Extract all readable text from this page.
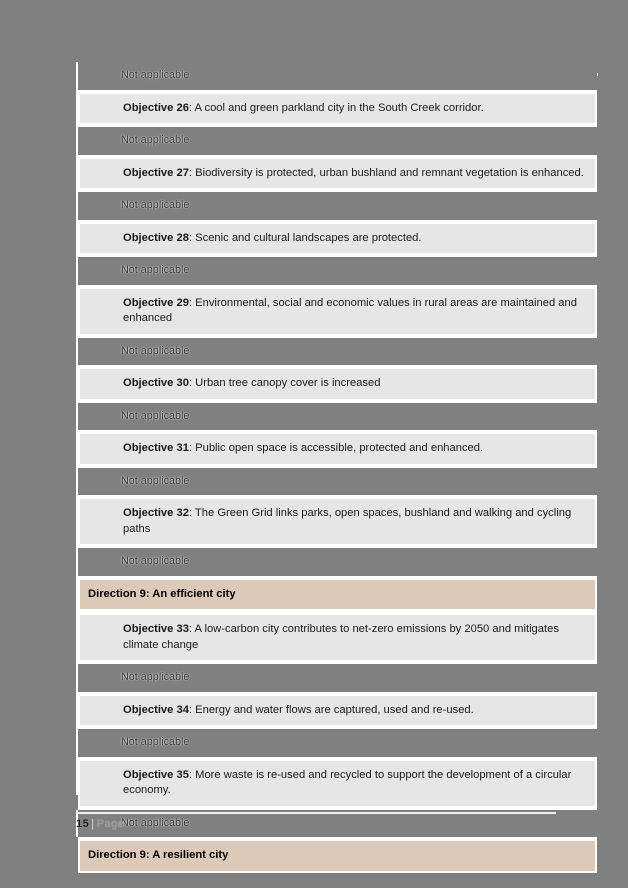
Not applicable

Objective 26: A cool and green parkland city in the South Creek corridor.

Not applicable

Objective 27: Biodiversity is protected, urban bushland and remnant vegetation is enhanced.

Not applicable

Objective 28: Scenic and cultural landscapes are protected.

Not applicable

Objective 29: Environmental, social and economic values in rural areas are maintained and enhanced

Not applicable

Objective 30: Urban tree canopy cover is increased

Not applicable

Objective 31: Public open space is accessible, protected and enhanced.

Not applicable

Objective 32: The Green Grid links parks, open spaces, bushland and walking and cycling paths

Not applicable

Direction 9: An efficient city

Objective 33: A low-carbon city contributes to net-zero emissions by 2050 and mitigates climate change

Not applicable

Objective 34: Energy and water flows are captured, used and re-used.

Not applicable

Objective 35: More waste is re-used and recycled to support the development of a circular economy.

Not applicable

Direction 9: A resilient city
15 | Page
